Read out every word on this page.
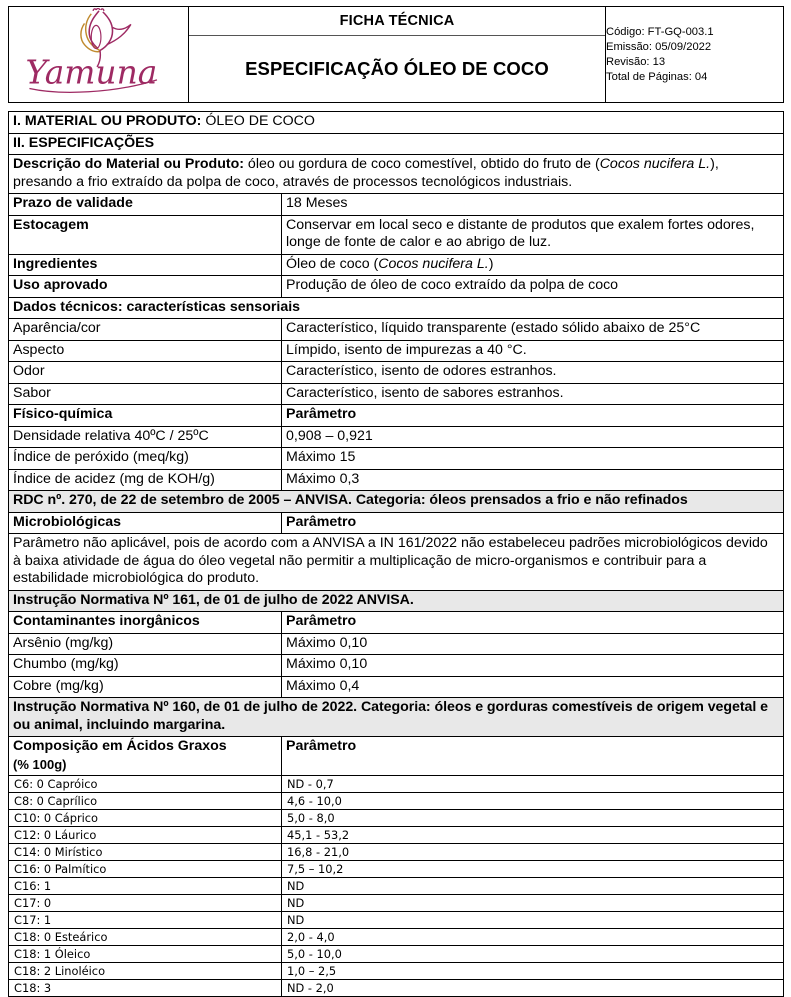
Yamuna

FICHA TÉCNICA
ESPECIFICAÇÃO ÓLEO DE COCO

Código: FT-GQ-003.1
Emissão: 05/09/2022
Revisão: 13
Total de Páginas: 04
I. MATERIAL OU PRODUTO: ÓLEO DE COCO	
II. ESPECIFICAÇÕES	
Descrição do Material ou Produto: óleo ou gordura de coco comestível, obtido do fruto de (Cocos nucifera L.), presando a frio extraído da polpa de coco, através de processos tecnológicos industriais.	
Prazo de validade	18 Meses
Estocagem	Conservar em local seco e distante de produtos que exalem fortes odores, longe de fonte de calor e ao abrigo de luz.
Ingredientes	Óleo de coco (Cocos nucifera L.)
Uso aprovado	Produção de óleo de coco extraído da polpa de coco
Dados técnicos: características sensoriais	
Aparência/cor	Característico, líquido transparente (estado sólido abaixo de 25°C
Aspecto	Límpido, isento de impurezas a 40 °C.
Odor	Característico, isento de odores estranhos.
Sabor	Característico, isento de sabores estranhos.
Físico-química	Parâmetro
Densidade relativa 40ºC / 25ºC	0,908 – 0,921
Índice de peróxido (meq/kg)	Máximo 15
Índice de acidez (mg de KOH/g)	Máximo 0,3
RDC nº. 270, de 22 de setembro de 2005 – ANVISA. Categoria: óleos prensados a frio e não refinados	
Microbiológicas	Parâmetro
Parâmetro não aplicável, pois de acordo com a ANVISA a IN 161/2022 não estabeleceu padrões microbiológicos devido à baixa atividade de água do óleo vegetal não permitir a multiplicação de micro-organismos e contribuir para a estabilidade microbiológica do produto.	
Instrução Normativa Nº 161, de 01 de julho de 2022 ANVISA.	
Contaminantes inorgânicos	Parâmetro
Arsênio (mg/kg)	Máximo 0,10
Chumbo (mg/kg)	Máximo 0,10
Cobre (mg/kg)	Máximo 0,4
Instrução Normativa Nº 160, de 01 de julho de 2022. Categoria: óleos e gorduras comestíveis de origem vegetal e ou animal, incluindo margarina.	
Composição em Ácidos Graxos
(% 100g)	Parâmetro
C6: 0 Capróico	ND - 0,7
C8: 0 Caprílico	4,6 - 10,0
C10: 0 Cáprico	5,0 - 8,0
C12: 0 Láurico	45,1 - 53,2
C14: 0 Mirístico	16,8 - 21,0
C16: 0 Palmítico	7,5 – 10,2
C16: 1	ND
C17: 0	ND
C17: 1	ND
C18: 0 Esteárico	2,0 - 4,0
C18: 1 Óleico	5,0 - 10,0
C18: 2 Linoléico	1,0 – 2,5
C18: 3	ND - 2,0
